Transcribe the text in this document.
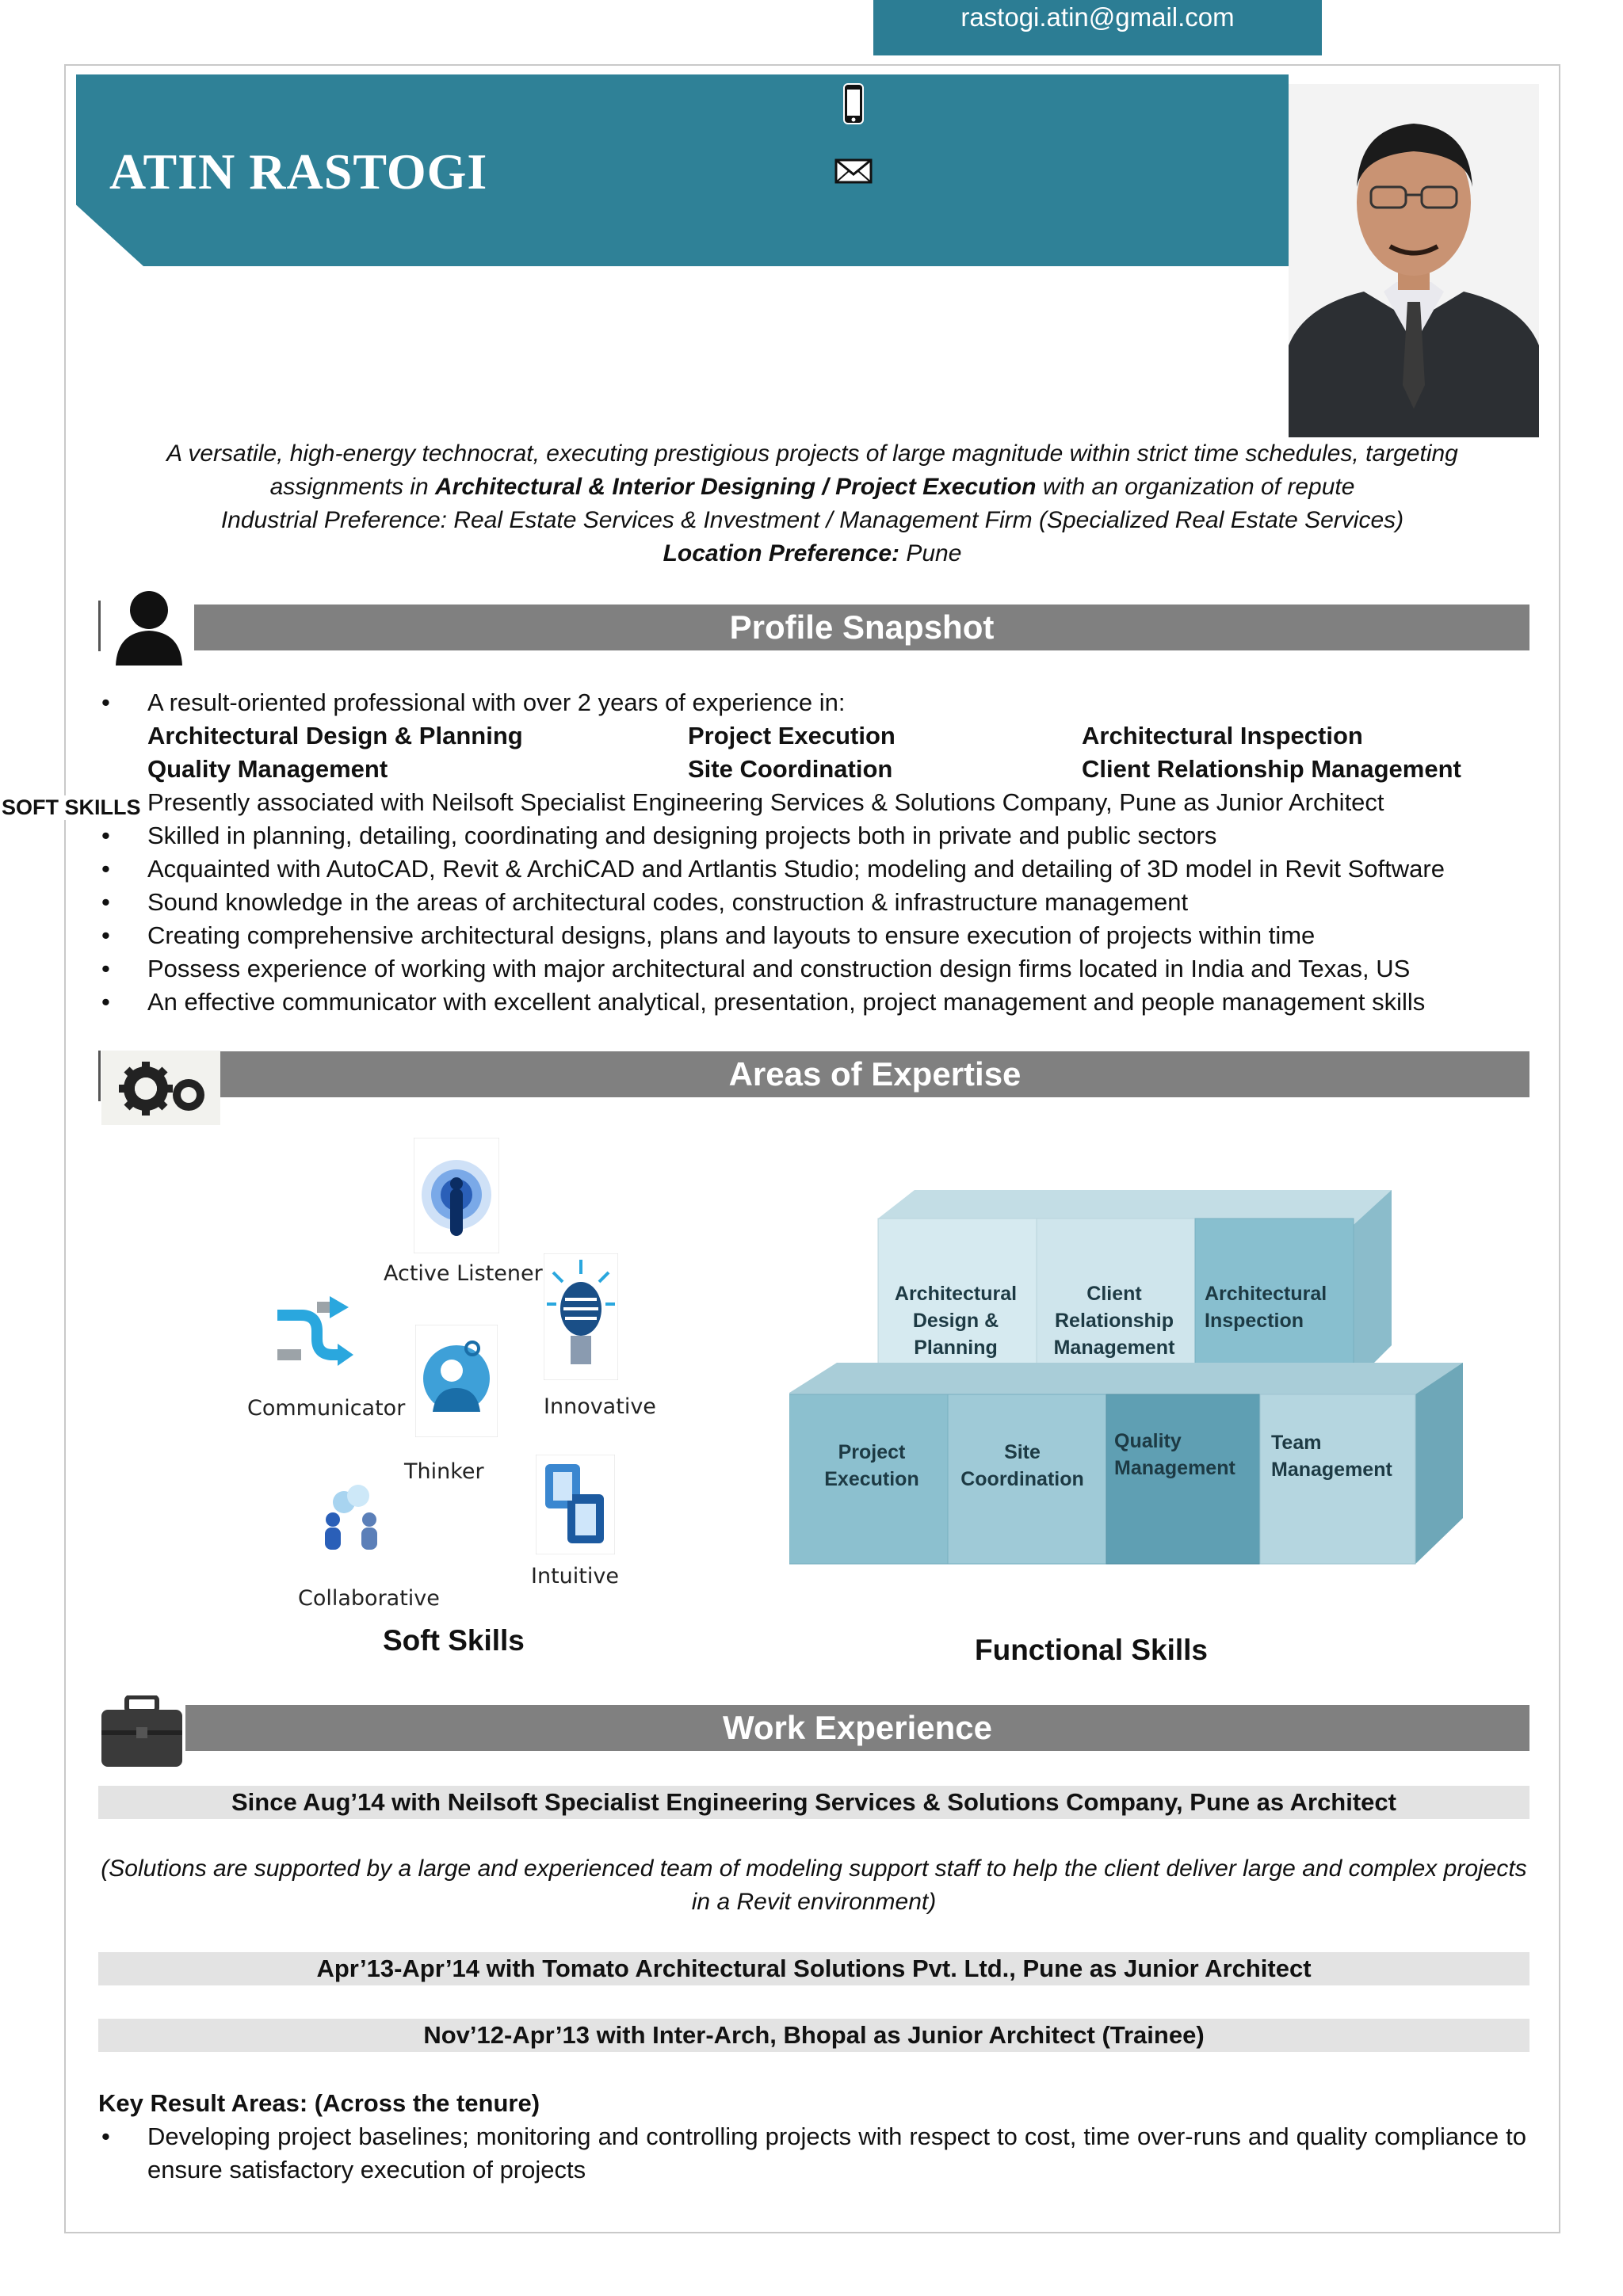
rastogi.atin@gmail.com
ATIN RASTOGI
A versatile, high-energy technocrat, executing prestigious projects of large magnitude within strict time schedules, targeting
assignments in Architectural & Interior Designing / Project Execution with an organization of repute
Industrial Preference: Real Estate Services & Investment / Management Firm (Specialized Real Estate Services)
Location Preference: Pune
Profile Snapshot
• A result-oriented professional with over 2 years of experience in:
Architectural Design & Planning	Project Execution	Architectural Inspection
Quality Management	Site Coordination	Client Relationship Management
SOFT SKILLS Presently associated with Neilsoft Specialist Engineering Services & Solutions Company, Pune as Junior Architect
• Skilled in planning, detailing, coordinating and designing projects both in private and public sectors
• Acquainted with AutoCAD, Revit & ArchiCAD and Artlantis Studio; modeling and detailing of 3D model in Revit Software
• Sound knowledge in the areas of architectural codes, construction & infrastructure management
• Creating comprehensive architectural designs, plans and layouts to ensure execution of projects within time
• Possess experience of working with major architectural and construction design firms located in India and Texas, US
• An effective communicator with excellent analytical, presentation, project management and people management skills
Areas of Expertise
Active Listener
Communicator	Innovative
Thinker
Collaborative
Intuitive
Soft Skills
Architectural Design & Planning
Client Relationship Management
Architectural Inspection
Project Execution
Site Coordination
Quality Management
Team Management
Functional Skills
Work Experience
Since Aug’14 with Neilsoft Specialist Engineering Services & Solutions Company, Pune as Architect
(Solutions are supported by a large and experienced team of modeling support staff to help the client deliver large and complex projects in a Revit environment)
Apr’13-Apr’14 with Tomato Architectural Solutions Pvt. Ltd., Pune as Junior Architect
Nov’12-Apr’13 with Inter-Arch, Bhopal as Junior Architect (Trainee)
Key Result Areas: (Across the tenure)
• Developing project baselines; monitoring and controlling projects with respect to cost, time over-runs and quality compliance to ensure satisfactory execution of projects
